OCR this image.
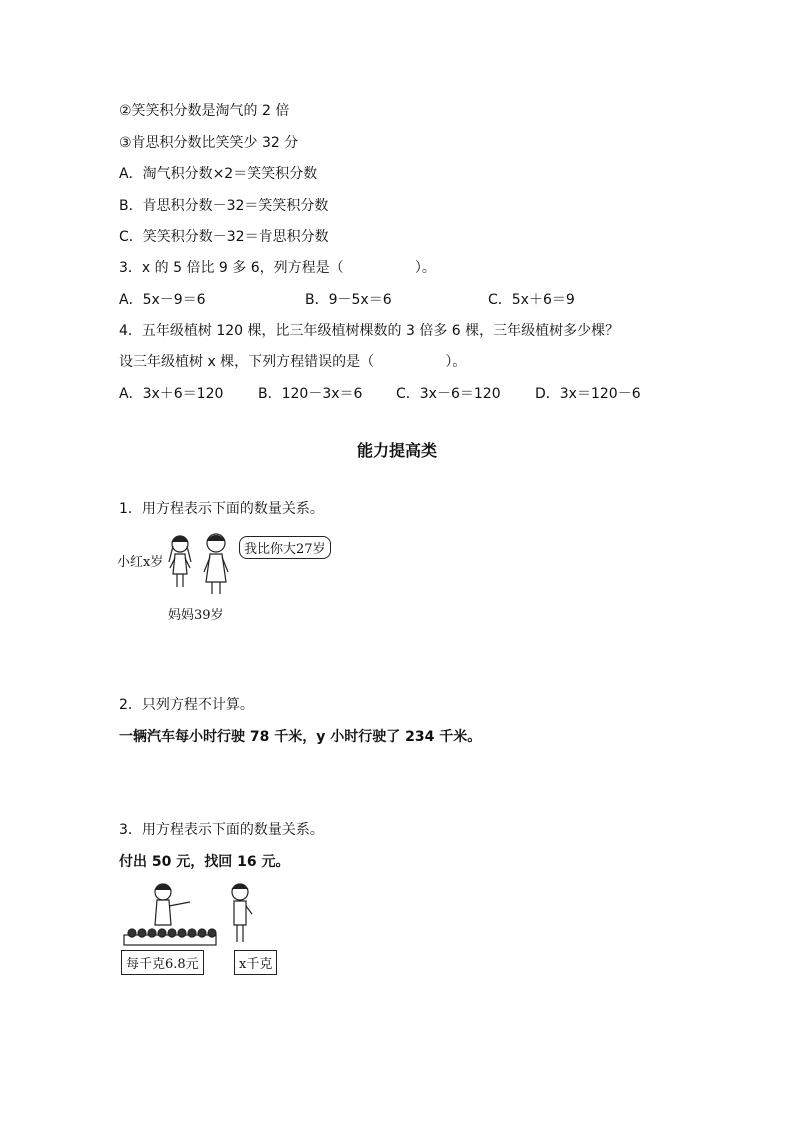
②笑笑积分数是淘气的 2 倍
③肯思积分数比笑笑少 32 分
A．淘气积分数×2＝笑笑积分数
B．肯思积分数－32＝笑笑积分数
C．笑笑积分数－32＝肯思积分数
3．x 的 5 倍比 9 多 6，列方程是（                ）。
A．5x－9＝6	B．9－5x＝6	C．5x＋6＝9
4．五年级植树 120 棵，比三年级植树棵数的 3 倍多 6 棵，三年级植树多少棵？
设三年级植树 x 棵，下列方程错误的是（                ）。
A．3x＋6＝120 B．120－3x＝6 C．3x－6＝120 D．3x＝120－6
能力提高类
1．用方程表示下面的数量关系。
小红x岁
我比你大27岁
妈妈39岁
2．只列方程不计算。
一辆汽车每小时行驶 78 千米，y 小时行驶了 234 千米。
3．用方程表示下面的数量关系。
付出 50 元，找回 16 元。
每千克6.8元	x千克
